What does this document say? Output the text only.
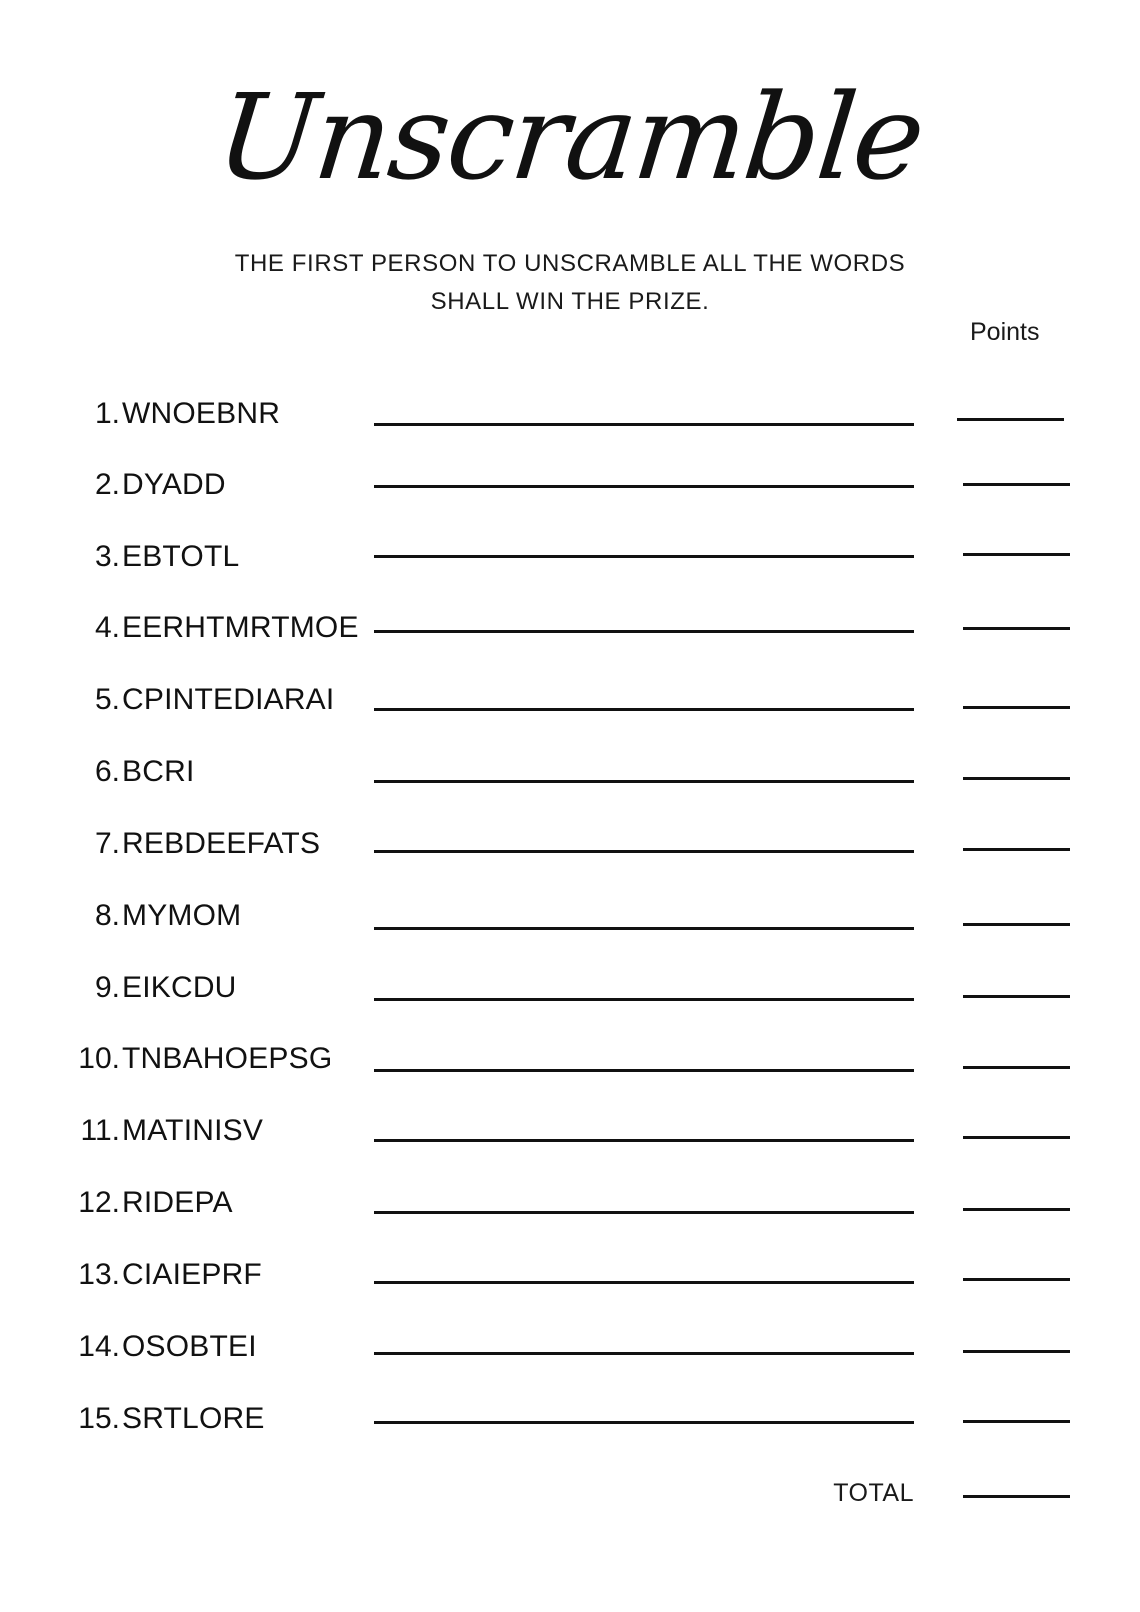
Unscramble
THE FIRST PERSON TO UNSCRAMBLE ALL THE WORDS
SHALL WIN THE PRIZE.
Points
1. WNOEBNR
2. DYADD
3. EBTOTL
4. EERHTMRTMOE
5. CPINTEDIARAI
6. BCRI
7. REBDEEFATS
8. MYMOM
9. EIKCDU
10. TNBAHOEPSG
11. MATINISV
12. RIDEPA
13. CIAIEPRF
14. OSOBTEI
15. SRTLORE
TOTAL
